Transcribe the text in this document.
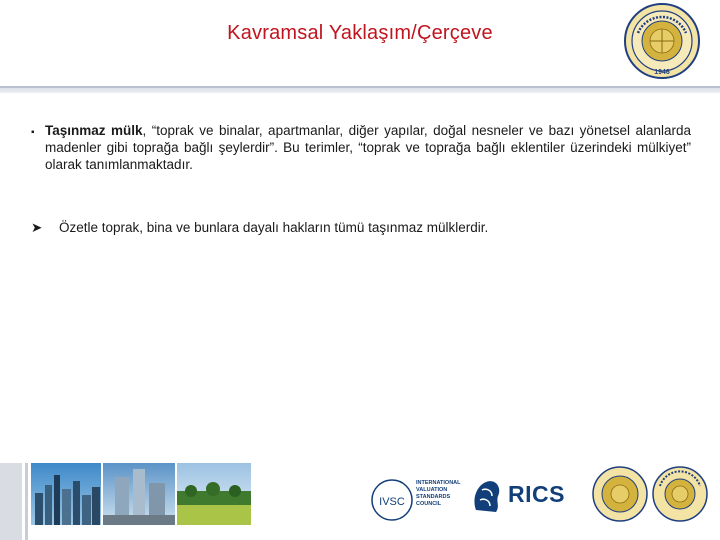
Kavramsal Yaklaşım/Çerçeve
1946
▪ Taşınmaz mülk, “toprak ve binalar, apartmanlar, diğer yapılar, doğal nesneler ve bazı yönetsel alanlarda madenler gibi toprağa bağlı şeylerdir”. Bu terimler, “toprak ve toprağa bağlı eklentiler üzerindeki mülkiyet” olarak tanımlanmaktadır.
➤ Özetle toprak, bina ve bunlara dayalı hakların tümü taşınmaz mülklerdir.
IVSC
INTERNATIONAL
VALUATION
STANDARDS
COUNCIL	RICS
